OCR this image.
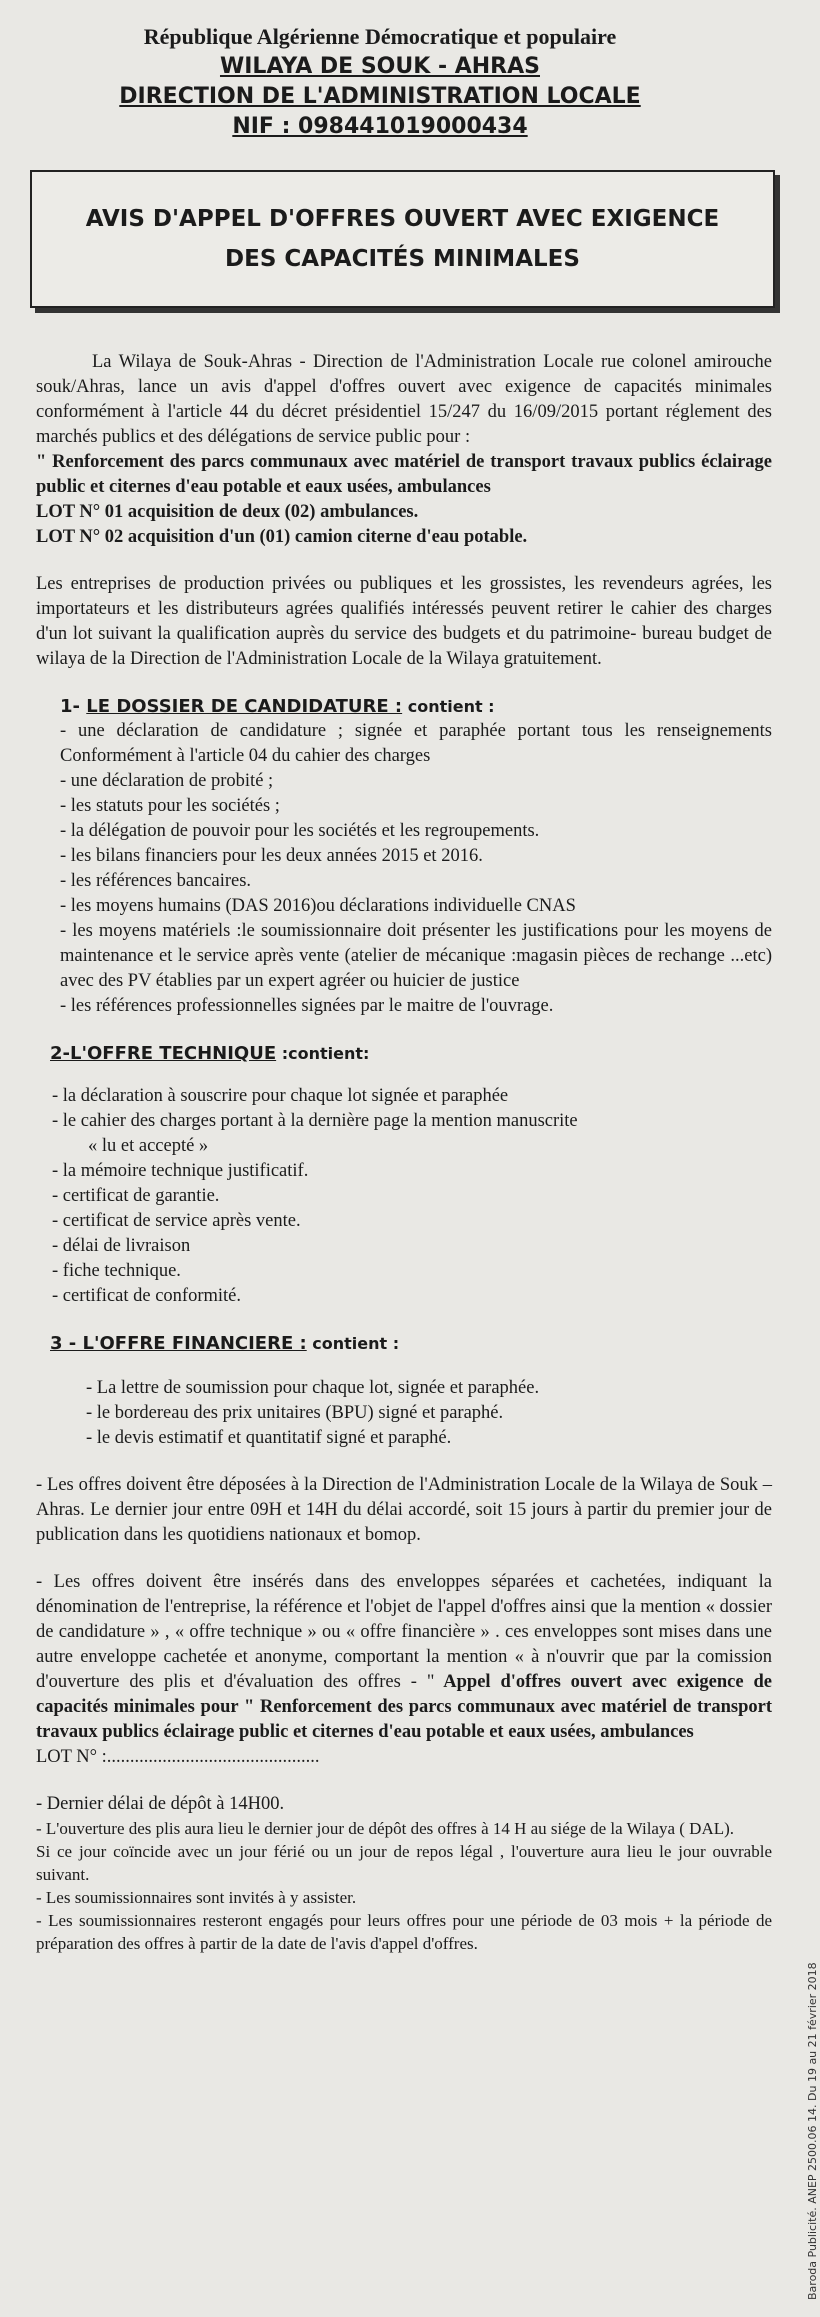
République Algérienne Démocratique et populaire
WILAYA DE SOUK - AHRAS
DIRECTION DE L'ADMINISTRATION LOCALE
NIF : 098441019000434
AVIS D'APPEL D'OFFRES OUVERT AVEC EXIGENCE
DES CAPACITÉS MINIMALES

La Wilaya de Souk-Ahras - Direction de l'Administration Locale rue colonel amirouche souk/Ahras, lance un avis d'appel d'offres ouvert avec exigence de capacités minimales conformément à l'article 44 du décret présidentiel 15/247 du 16/09/2015 portant réglement des marchés publics et des délégations de service public pour :

" Renforcement des parcs communaux avec matériel de transport travaux publics éclairage public et citernes d'eau potable et eaux usées, ambulances

LOT N° 01 acquisition de deux (02) ambulances.

LOT N° 02 acquisition d'un (01) camion citerne d'eau potable.

Les entreprises de production privées ou publiques et les grossistes, les revendeurs agrées, les importateurs et les distributeurs agrées qualifiés intéressés peuvent retirer le cahier des charges d'un lot suivant la qualification auprès du service des budgets et du patrimoine- bureau budget de wilaya de la Direction de l'Administration Locale de la Wilaya gratuitement.

1- LE DOSSIER DE CANDIDATURE : contient :
- une déclaration de candidature ; signée et paraphée portant tous les renseignements Conformément à l'article 04 du cahier des charges
- une déclaration de probité ;
- les statuts pour les sociétés ;
- la délégation de pouvoir pour les sociétés et les regroupements.
- les bilans financiers pour les deux années 2015 et 2016.
- les références bancaires.
- les moyens humains (DAS 2016)ou déclarations individuelle CNAS
- les moyens matériels :le soumissionnaire doit présenter les justifications pour les moyens de maintenance et le service après vente (atelier de mécanique :magasin pièces de rechange ...etc) avec des PV établies par un expert agréer ou huicier de justice
- les références professionnelles signées par le maitre de l'ouvrage.
2-L'OFFRE TECHNIQUE :contient:
- la déclaration à souscrire pour chaque lot signée et paraphée
- le cahier des charges portant à la dernière page la mention manuscrite
« lu et accepté »
- la mémoire technique justificatif.
- certificat de garantie.
- certificat de service après vente.
- délai de livraison
- fiche technique.
- certificat de conformité.
3 - L'OFFRE FINANCIERE : contient :
- La lettre de soumission pour chaque lot, signée et paraphée.
- le bordereau des prix unitaires (BPU) signé et paraphé.
- le devis estimatif et quantitatif signé et paraphé.

- Les offres doivent être déposées à la Direction de l'Administration Locale de la Wilaya de Souk – Ahras. Le dernier jour entre 09H et 14H du délai accordé, soit 15 jours à partir du premier jour de publication dans les quotidiens nationaux et bomop.

- Les offres doivent être insérés dans des enveloppes séparées et cachetées, indiquant la dénomination de l'entreprise, la référence et l'objet de l'appel d'offres ainsi que la mention « dossier de candidature » , « offre technique » ou « offre financière » . ces enveloppes sont mises dans une autre enveloppe cachetée et anonyme, comportant la mention « à n'ouvrir que par la comission d'ouverture des plis et d'évaluation des offres - " Appel d'offres ouvert avec exigence de capacités minimales pour " Renforcement des parcs communaux avec matériel de transport travaux publics éclairage public et citernes d'eau potable et eaux usées, ambulances

LOT N° :..............................................

- Dernier délai de dépôt à 14H00.

- L'ouverture des plis aura lieu le dernier jour de dépôt des offres à 14 H au siége de la Wilaya ( DAL).

Si ce jour coïncide avec un jour férié ou un jour de repos légal , l'ouverture aura lieu le jour ouvrable suivant.

- Les soumissionnaires sont invités à y assister.

- Les soumissionnaires resteront engagés pour leurs offres pour une période de 03 mois + la période de préparation des offres à partir de la date de l'avis d'appel d'offres.

Baroda Publicité. ANEP 2500.06 14. Du 19 au 21 février 2018
